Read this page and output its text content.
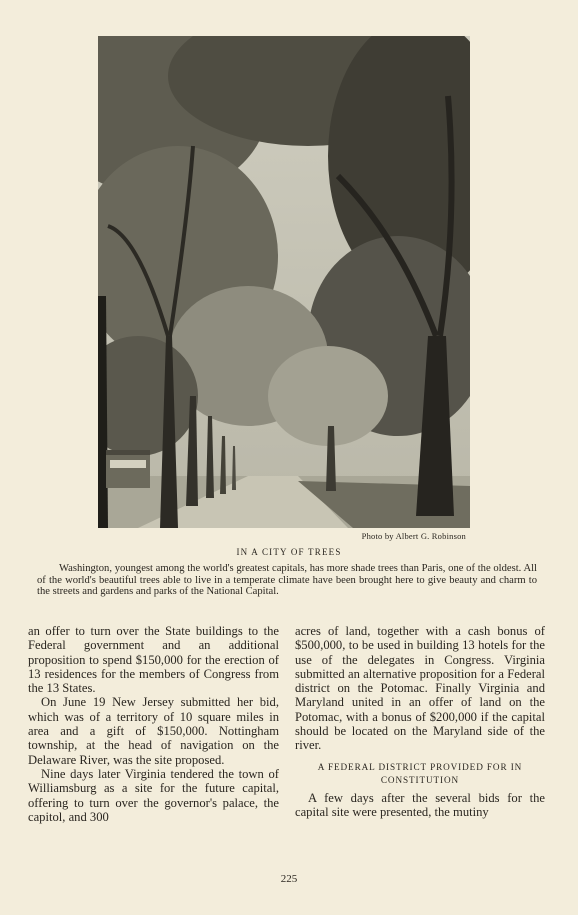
Photo by Albert G. Robinson
IN A CITY OF TREES
Washington, youngest among the world's greatest capitals, has more shade trees than Paris, one of the oldest. All of the world's beautiful trees able to live in a temperate climate have been brought here to give beauty and charm to the streets and gardens and parks of the National Capital.

an offer to turn over the State buildings to the Federal government and an additional proposition to spend $150,000 for the erection of 13 residences for the members of Congress from the 13 States.

On June 19 New Jersey submitted her bid, which was of a territory of 10 square miles in area and a gift of $150,000. Nottingham township, at the head of navigation on the Delaware River, was the site proposed.

Nine days later Virginia tendered the town of Williamsburg as a site for the future capital, offering to turn over the governor's palace, the capitol, and 300

acres of land, together with a cash bonus of $500,000, to be used in building 13 hotels for the use of the delegates in Congress. Virginia submitted an alternative proposition for a Federal district on the Potomac. Finally Virginia and Maryland united in an offer of land on the Potomac, with a bonus of $200,000 if the capital should be located on the Maryland side of the river.

A FEDERAL DISTRICT PROVIDED FOR IN CONSTITUTION

A few days after the several bids for the capital site were presented, the mutiny

225
